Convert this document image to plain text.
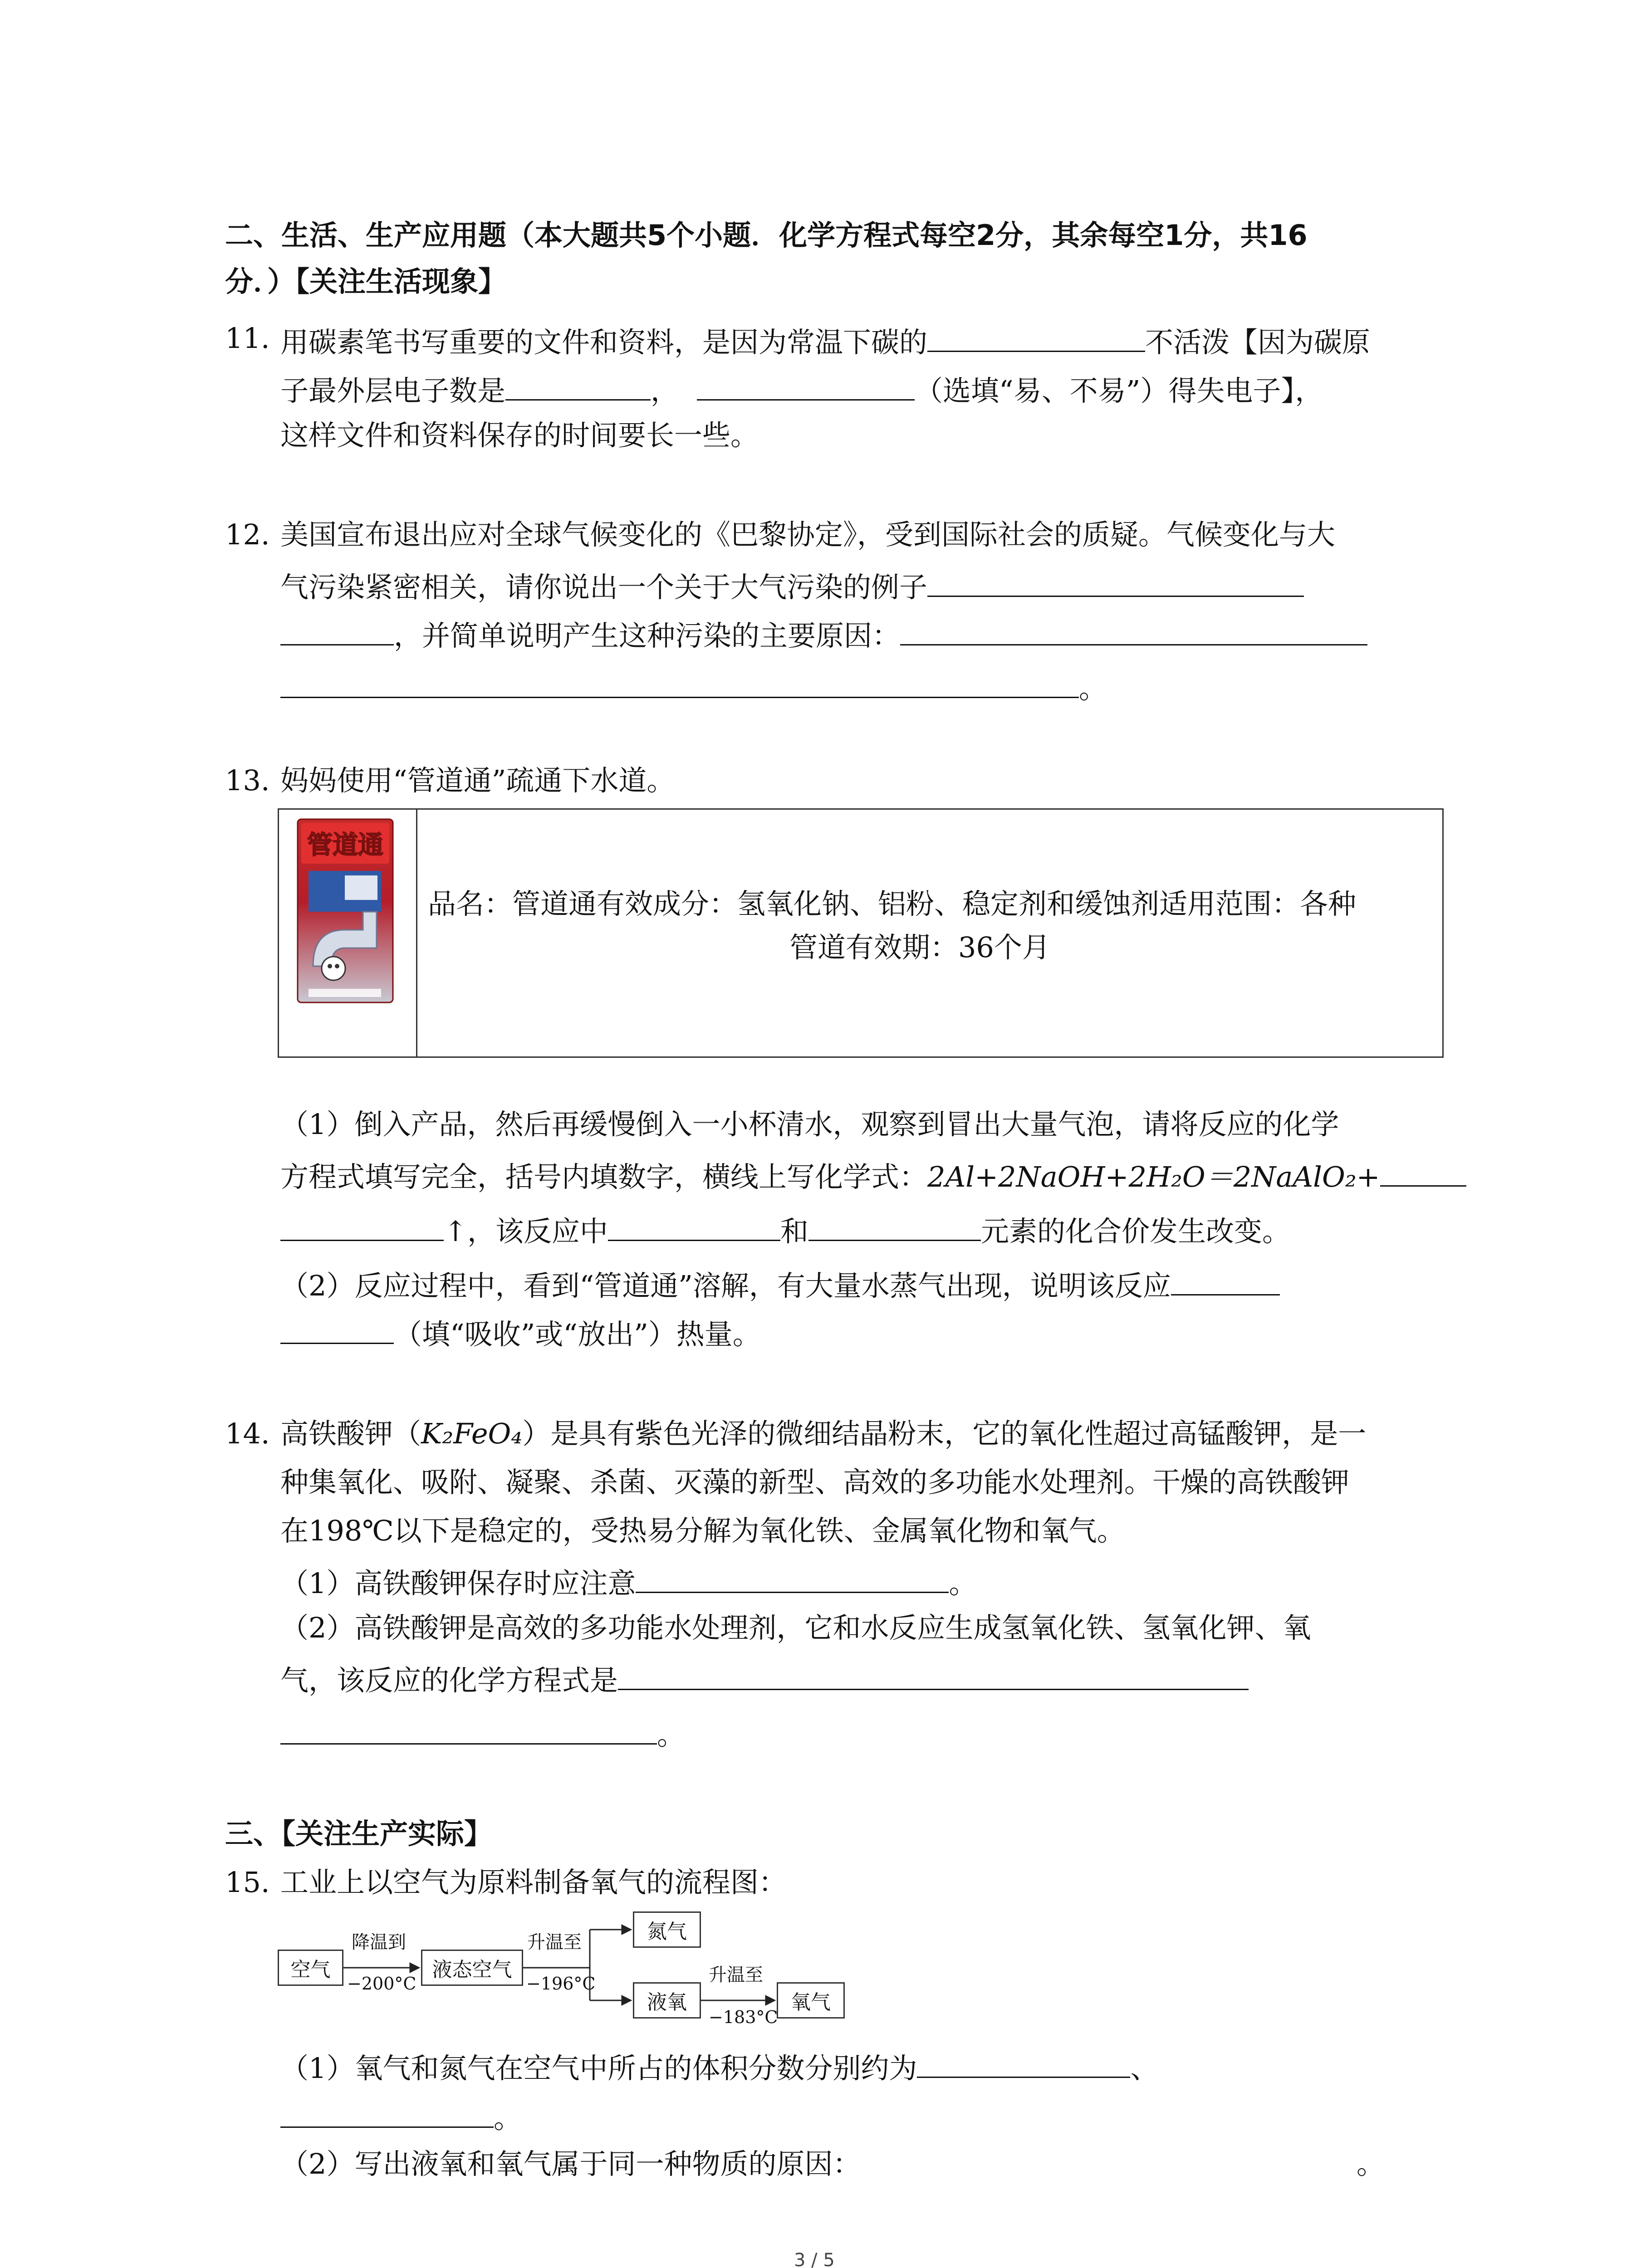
二、生活、生产应用题（本大题共5个小题．化学方程式每空2分，其余每空1分，共16
分．）【关注生活现象】
11. 用碳素笔书写重要的文件和资料，是因为常温下碳的	不活泼【因为碳原
子最外层电子数是	，	（选填“易、不易”）得失电子】，
这样文件和资料保存的时间要长一些。
12. 美国宣布退出应对全球气候变化的《巴黎协定》，受到国际社会的质疑。气候变化与大
气污染紧密相关，请你说出一个关于大气污染的例子
，并简单说明产生这种污染的主要原因：
。
13. 妈妈使用“管道通”疏通下水道。
管道通
品名：管道通有效成分：氢氧化钠、铝粉、稳定剂和缓蚀剂适用范围：各种
管道有效期：36个月
（1）倒入产品，然后再缓慢倒入一小杯清水，观察到冒出大量气泡，请将反应的化学
方程式填写完全，括号内填数字，横线上写化学式：2Al+2NaOH+2H₂O＝2NaAlO₂+
↑，该反应中	和	元素的化合价发生改变。
（2）反应过程中，看到“管道通”溶解，有大量水蒸气出现，说明该反应
（填“吸收”或“放出”）热量。
14. 高铁酸钾（K₂FeO₄）是具有紫色光泽的微细结晶粉末，它的氧化性超过高锰酸钾，是一
种集氧化、吸附、凝聚、杀菌、灭藻的新型、高效的多功能水处理剂。干燥的高铁酸钾
在198℃以下是稳定的，受热易分解为氧化铁、金属氧化物和氧气。
（1）高铁酸钾保存时应注意	。
（2）高铁酸钾是高效的多功能水处理剂，它和水反应生成氢氧化铁、氢氧化钾、氧
气，该反应的化学方程式是
。
三、【关注生产实际】
15. 工业上以空气为原料制备氧气的流程图：
空气
降温到
−200°C
液态空气
升温至
−196°C
氮气
液氧
升温至
−183°C
氧气
（1）氧气和氮气在空气中所占的体积分数分别约为	、
。
（2）写出液氧和氧气属于同一种物质的原因：	。
3 / 5
